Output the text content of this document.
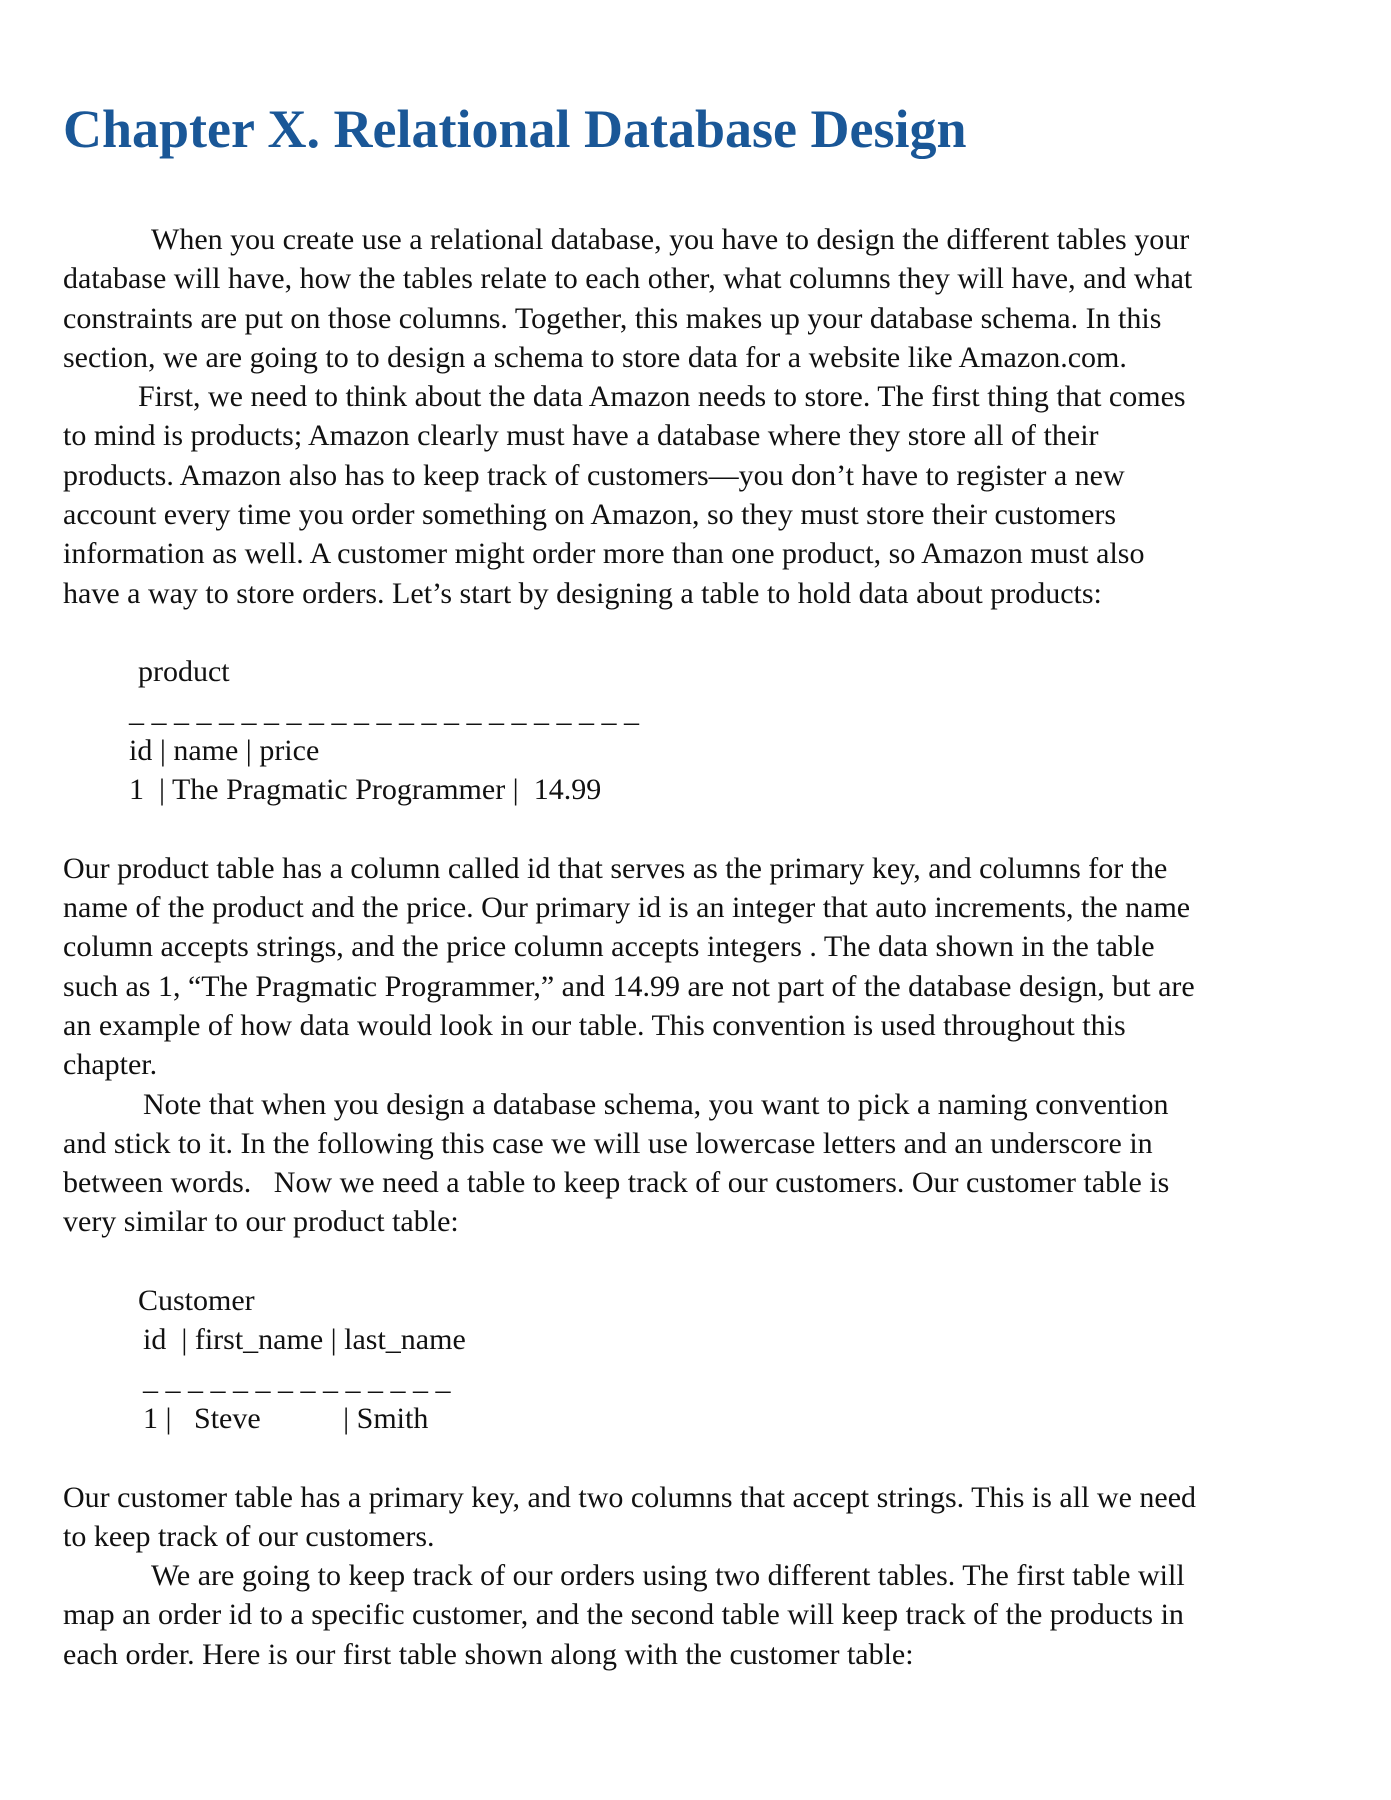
Chapter X. Relational Database Design
When you create use a relational database, you have to design the different tables your
database will have, how the tables relate to each other, what columns they will have, and what
constraints are put on those columns. Together, this makes up your database schema. In this
section, we are going to to design a schema to store data for a website like Amazon.com.
First, we need to think about the data Amazon needs to store. The first thing that comes
to mind is products; Amazon clearly must have a database where they store all of their
products. Amazon also has to keep track of customers—you don’t have to register a new
account every time you order something on Amazon, so they must store their customers
information as well. A customer might order more than one product, so Amazon must also
have a way to store orders. Let’s start by designing a table to hold data about products:
product
_ _ _ _ _ _ _ _ _ _ _ _ _ _ _ _ _ _ _ _ _ _ _
id | name | price
1  | The Pragmatic Programmer |  14.99
Our product table has a column called id that serves as the primary key, and columns for the
name of the product and the price. Our primary id is an integer that auto increments, the name
column accepts strings, and the price column accepts integers . The data shown in the table
such as 1, “The Pragmatic Programmer,” and 14.99 are not part of the database design, but are
an example of how data would look in our table. This convention is used throughout this
chapter.
Note that when you design a database schema, you want to pick a naming convention
and stick to it. In the following this case we will use lowercase letters and an underscore in
between words.   Now we need a table to keep track of our customers. Our customer table is
very similar to our product table:
Customer
id  | first_name | last_name
_ _ _ _ _ _ _ _ _ _ _ _ _ _
1 |   Steve           | Smith
Our customer table has a primary key, and two columns that accept strings. This is all we need
to keep track of our customers.
We are going to keep track of our orders using two different tables. The first table will
map an order id to a specific customer, and the second table will keep track of the products in
each order. Here is our first table shown along with the customer table:
